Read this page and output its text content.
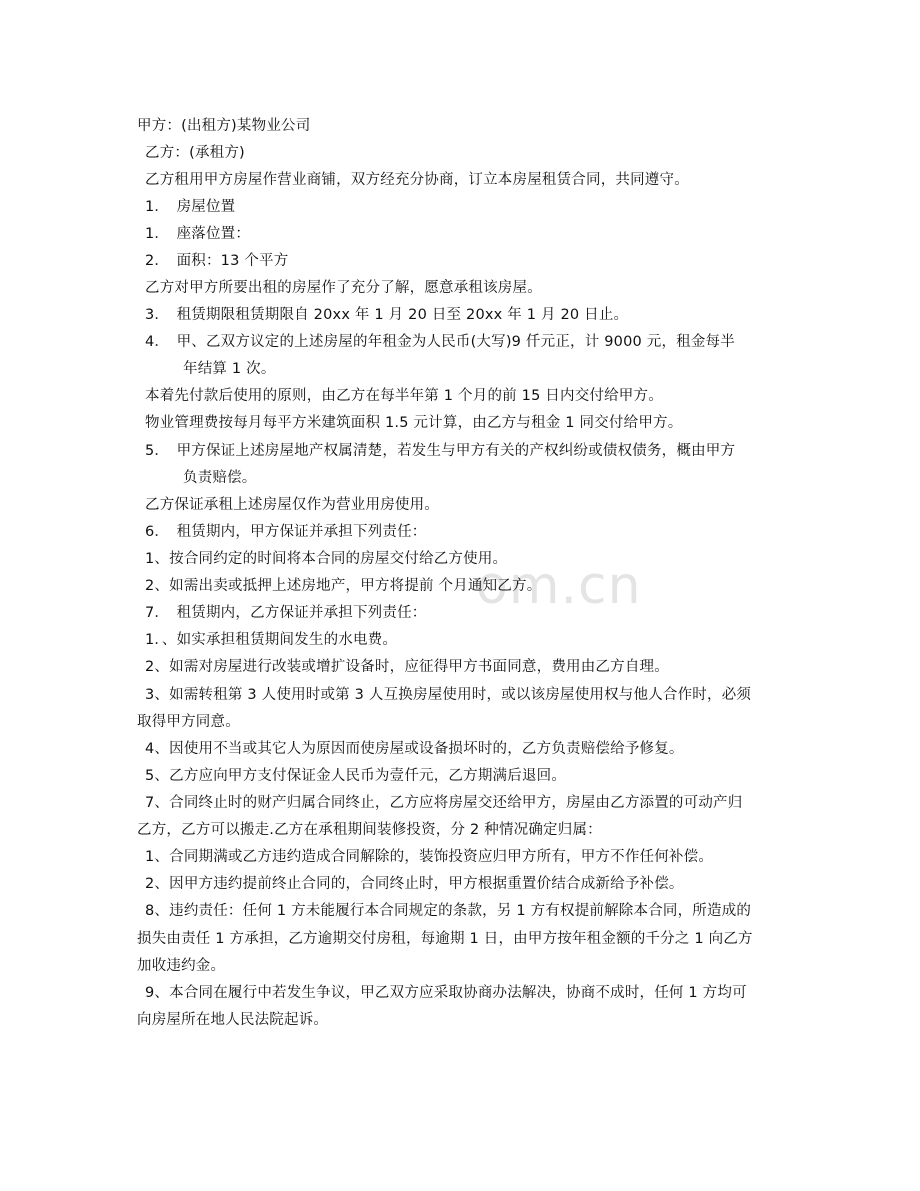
om.cn
甲方：(出租方)某物业公司
乙方：(承租方)
乙方租用甲方房屋作营业商铺，双方经充分协商，订立本房屋租赁合同，共同遵守。
1．　房屋位置
1．　座落位置：
2．　面积：13 个平方
乙方对甲方所要出租的房屋作了充分了解，愿意承租该房屋。
3．　租赁期限租赁期限自 20xx 年 1 月 20 日至 20xx 年 1 月 20 日止。
4．　甲、乙双方议定的上述房屋的年租金为人民币(大写)9 仟元正，计 9000 元，租金每半
年结算 1 次。
本着先付款后使用的原则，由乙方在每半年第 1 个月的前 15 日内交付给甲方。
物业管理费按每月每平方米建筑面积 1.5 元计算，由乙方与租金 1 同交付给甲方。
5．　甲方保证上述房屋地产权属清楚，若发生与甲方有关的产权纠纷或债权债务，概由甲方
负责赔偿。
乙方保证承租上述房屋仅作为营业用房使用。
6．　租赁期内，甲方保证并承担下列责任：
1、按合同约定的时间将本合同的房屋交付给乙方使用。
2、如需出卖或抵押上述房地产，甲方将提前 个月通知乙方。
7．　租赁期内，乙方保证并承担下列责任：
1．、如实承担租赁期间发生的水电费。
2、如需对房屋进行改装或增扩设备时，应征得甲方书面同意，费用由乙方自理。
3、如需转租第 3 人使用时或第 3 人互换房屋使用时，或以该房屋使用权与他人合作时，必须
取得甲方同意。
4、因使用不当或其它人为原因而使房屋或设备损坏时的，乙方负责赔偿给予修复。
5、乙方应向甲方支付保证金人民币为壹仟元，乙方期满后退回。
7、合同终止时的财产归属合同终止，乙方应将房屋交还给甲方，房屋由乙方添置的可动产归
乙方，乙方可以搬走.乙方在承租期间装修投资，分 2 种情况确定归属：
1、合同期满或乙方违约造成合同解除的，装饰投资应归甲方所有，甲方不作任何补偿。
2、因甲方违约提前终止合同的，合同终止时，甲方根据重置价结合成新给予补偿。
8、违约责任：任何 1 方未能履行本合同规定的条款，另 1 方有权提前解除本合同，所造成的
损失由责任 1 方承担，乙方逾期交付房租，每逾期 1 日，由甲方按年租金额的千分之 1 向乙方
加收违约金。
9、本合同在履行中若发生争议，甲乙双方应采取协商办法解决，协商不成时，任何 1 方均可
向房屋所在地人民法院起诉。
